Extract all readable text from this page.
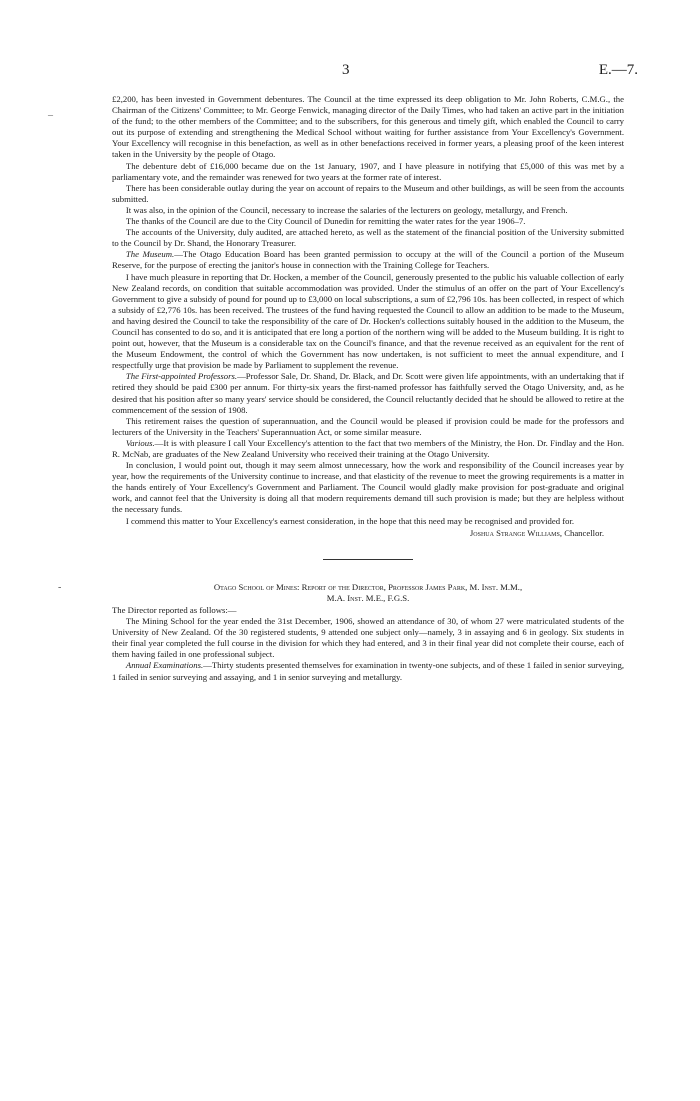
3	E.—7.
–
-

£2,200, has been invested in Government debentures. The Council at the time expressed its deep obligation to Mr. John Roberts, C.M.G., the Chairman of the Citizens' Committee; to Mr. George Fenwick, managing director of the Daily Times, who had taken an active part in the initiation of the fund; to the other members of the Committee; and to the subscribers, for this generous and timely gift, which enabled the Council to carry out its purpose of extending and strengthening the Medical School without waiting for further assistance from Your Excellency's Government. Your Excellency will recognise in this benefaction, as well as in other benefactions received in former years, a pleasing proof of the keen interest taken in the University by the people of Otago.

The debenture debt of £16,000 became due on the 1st January, 1907, and I have pleasure in notifying that £5,000 of this was met by a parliamentary vote, and the remainder was renewed for two years at the former rate of interest.

There has been considerable outlay during the year on account of repairs to the Museum and other buildings, as will be seen from the accounts submitted.

It was also, in the opinion of the Council, necessary to increase the salaries of the lecturers on geology, metallurgy, and French.

The thanks of the Council are due to the City Council of Dunedin for remitting the water rates for the year 1906–7.

The accounts of the University, duly audited, are attached hereto, as well as the statement of the financial position of the University submitted to the Council by Dr. Shand, the Honorary Treasurer.

The Museum.—The Otago Education Board has been granted permission to occupy at the will of the Council a portion of the Museum Reserve, for the purpose of erecting the janitor's house in connection with the Training College for Teachers.

I have much pleasure in reporting that Dr. Hocken, a member of the Council, generously presented to the public his valuable collection of early New Zealand records, on condition that suitable accommodation was provided. Under the stimulus of an offer on the part of Your Excellency's Government to give a subsidy of pound for pound up to £3,000 on local subscriptions, a sum of £2,796 10s. has been collected, in respect of which a subsidy of £2,776 10s. has been received. The trustees of the fund having requested the Council to allow an addition to be made to the Museum, and having desired the Council to take the responsibility of the care of Dr. Hocken's collections suitably housed in the addition to the Museum, the Council has consented to do so, and it is anticipated that ere long a portion of the northern wing will be added to the Museum building. It is right to point out, however, that the Museum is a considerable tax on the Council's finance, and that the revenue received as an equivalent for the rent of the Museum Endowment, the control of which the Government has now undertaken, is not sufficient to meet the annual expenditure, and I respectfully urge that provision be made by Parliament to supplement the revenue.

The First-appointed Professors.—Professor Sale, Dr. Shand, Dr. Black, and Dr. Scott were given life appointments, with an undertaking that if retired they should be paid £300 per annum. For thirty-six years the first-named professor has faithfully served the Otago University, and, as he desired that his position after so many years' service should be considered, the Council reluctantly decided that he should be allowed to retire at the commencement of the session of 1908.

This retirement raises the question of superannuation, and the Council would be pleased if provision could be made for the professors and lecturers of the University in the Teachers' Superannuation Act, or some similar measure.

Various.—It is with pleasure I call Your Excellency's attention to the fact that two members of the Ministry, the Hon. Dr. Findlay and the Hon. R. McNab, are graduates of the New Zealand University who received their training at the Otago University.

In conclusion, I would point out, though it may seem almost unnecessary, how the work and responsibility of the Council increases year by year, how the requirements of the University continue to increase, and that elasticity of the revenue to meet the growing requirements is a matter in the hands entirely of Your Excellency's Government and Parliament. The Council would gladly make provision for post-graduate and original work, and cannot feel that the University is doing all that modern requirements demand till such provision is made; but they are helpless without the necessary funds.

I commend this matter to Your Excellency's earnest consideration, in the hope that this need may be recognised and provided for.

Joshua Strange Williams, Chancellor.
Otago School of Mines: Report of the Director, Professor James Park, M. Inst. M.M.,
M.A. Inst. M.E., F.G.S.

The Director reported as follows:—

The Mining School for the year ended the 31st December, 1906, showed an attendance of 30, of whom 27 were matriculated students of the University of New Zealand. Of the 30 registered students, 9 attended one subject only—namely, 3 in assaying and 6 in geology. Six students in their final year completed the full course in the division for which they had entered, and 3 in their final year did not complete their course, each of them having failed in one professional subject.

Annual Examinations.—Thirty students presented themselves for examination in twenty-one subjects, and of these 1 failed in senior surveying, 1 failed in senior surveying and assaying, and 1 in senior surveying and metallurgy.
